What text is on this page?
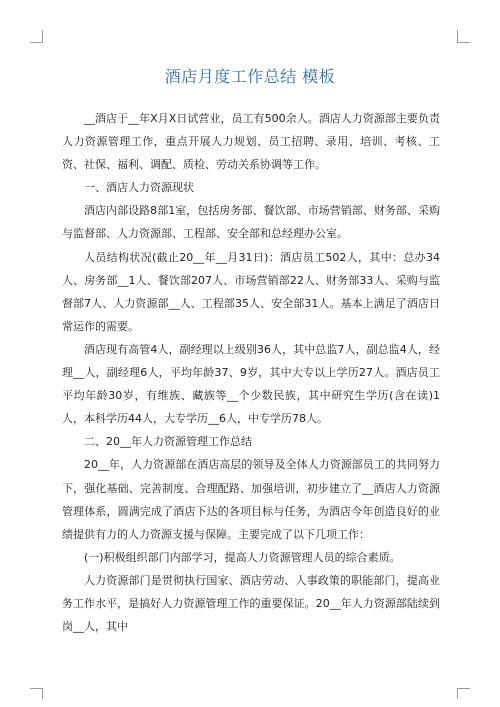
酒店月度工作总结 模板

__酒店于__年X月X日试营业，员工有500余人。酒店人力资源部主要负责人力资源管理工作，重点开展人力规划、员工招聘、录用、培训、考核、工资、社保、福利、调配、质检、劳动关系协调等工作。

一、酒店人力资源现状

酒店内部设路8部1室，包括房务部、餐饮部、市场营销部、财务部、采购与监督部、人力资源部、工程部、安全部和总经理办公室。

人员结构状况(截止20__年__月31日)：酒店员工502人，其中：总办34人、房务部__1人、餐饮部207人、市场营销部22人、财务部33人、采购与监督部7人、人力资源部__人、工程部35人、安全部31人。基本上满足了酒店日常运作的需要。

酒店现有高管4人，副经理以上级别36人，其中总监7人，副总监4人，经理__人，副经理6人，平均年龄37、9岁，其中大专以上学历27人。酒店员工平均年龄30岁，有维族、藏族等__个少数民族，其中研究生学历(含在读)1人，本科学历44人，大专学历__6人，中专学历78人。

二、20__年人力资源管理工作总结

20__年，人力资源部在酒店高层的领导及全体人力资源部员工的共同努力下，强化基础、完善制度、合理配路、加强培训，初步建立了__酒店人力资源管理体系，圆满完成了酒店下达的各项目标与任务，为酒店今年创造良好的业绩提供有力的人力资源支援与保障。主要完成了以下几项工作：

(一)积极组织部门内部学习，提高人力资源管理人员的综合素质。

人力资源部门是贯彻执行国家、酒店劳动、人事政策的职能部门，提高业务工作水平，是搞好人力资源管理工作的重要保证。20__年人力资源部陆续到岗__人，其中
